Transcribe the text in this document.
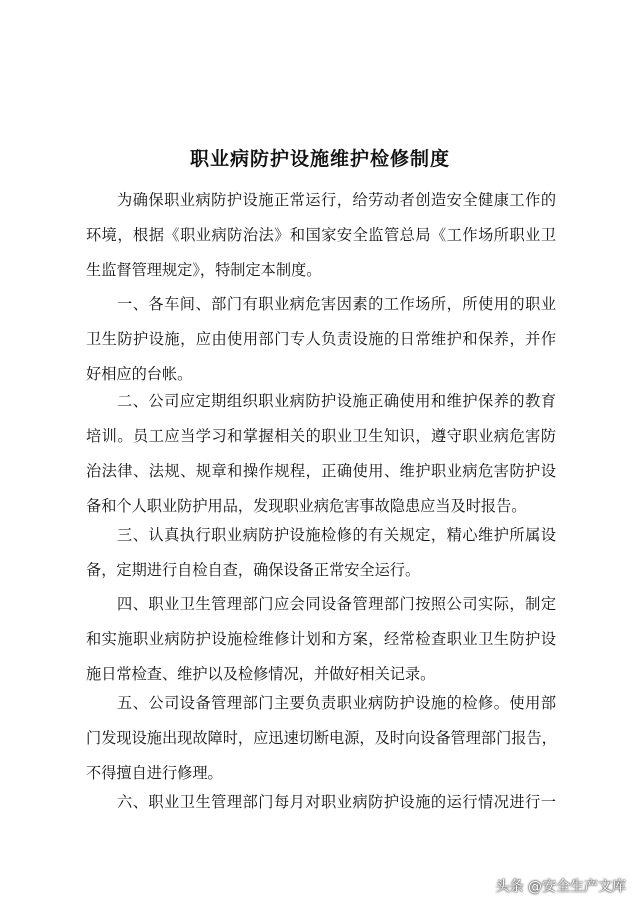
职业病防护设施维护检修制度
为确保职业病防护设施正常运行，给劳动者创造安全健康工作的
环境，根据《职业病防治法》和国家安全监管总局《工作场所职业卫
生监督管理规定》，特制定本制度。
一、各车间、部门有职业病危害因素的工作场所，所使用的职业
卫生防护设施，应由使用部门专人负责设施的日常维护和保养，并作
好相应的台帐。
二、公司应定期组织职业病防护设施正确使用和维护保养的教育
培训。员工应当学习和掌握相关的职业卫生知识，遵守职业病危害防
治法律、法规、规章和操作规程，正确使用、维护职业病危害防护设
备和个人职业防护用品，发现职业病危害事故隐患应当及时报告。
三、认真执行职业病防护设施检修的有关规定，精心维护所属设
备，定期进行自检自查，确保设备正常安全运行。
四、职业卫生管理部门应会同设备管理部门按照公司实际，制定
和实施职业病防护设施检维修计划和方案，经常检查职业卫生防护设
施日常检查、维护以及检修情况，并做好相关记录。
五、公司设备管理部门主要负责职业病防护设施的检修。使用部
门发现设施出现故障时，应迅速切断电源，及时向设备管理部门报告，
不得擅自进行修理。
六、职业卫生管理部门每月对职业病防护设施的运行情况进行一
头条 @安全生产文库
